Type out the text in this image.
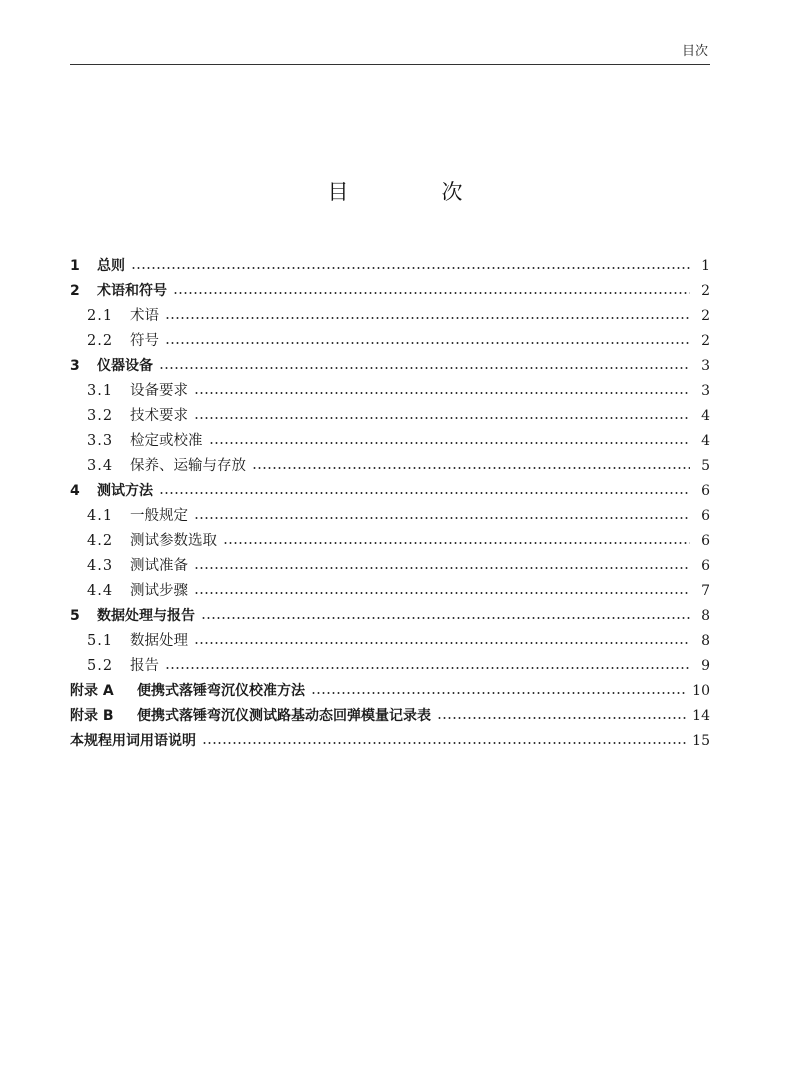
目次
目　次
1	总则	1
2	术语和符号	2
2.1	术语	2
2.2	符号	2
3	仪器设备	3
3.1	设备要求	3
3.2	技术要求	4
3.3	检定或校准	4
3.4	保养、运输与存放	5
4	测试方法	6
4.1	一般规定	6
4.2	测试参数选取	6
4.3	测试准备	6
4.4	测试步骤	7
5	数据处理与报告	8
5.1	数据处理	8
5.2	报告	9
附录 A	便携式落锤弯沉仪校准方法	10
附录 B	便携式落锤弯沉仪测试路基动态回弹模量记录表	14
本规程用词用语说明	15
